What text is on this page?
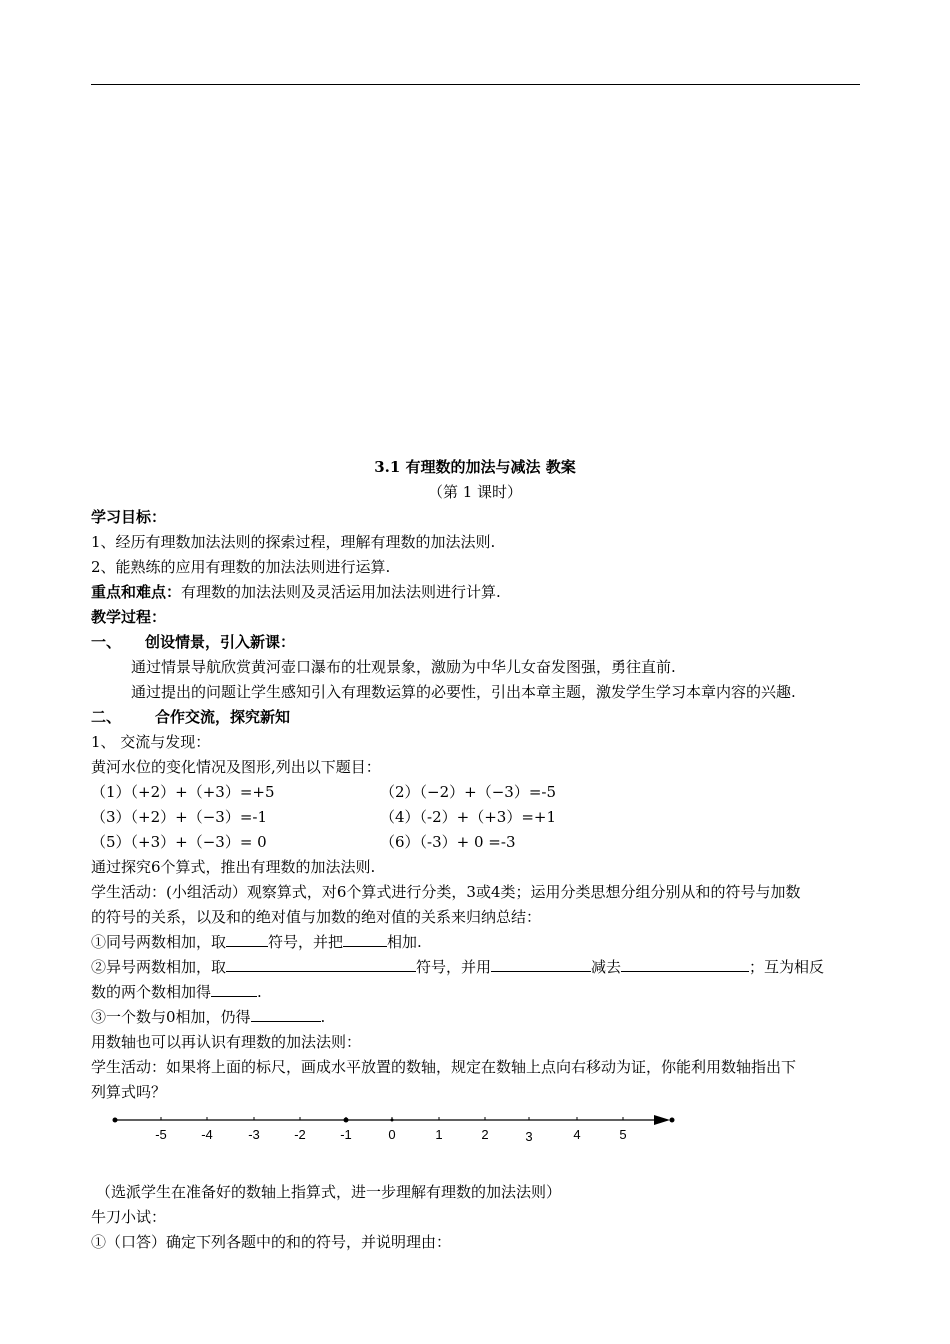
3.1 有理数的加法与减法 教案
（第 1 课时）
学习目标：
1、经历有理数加法法则的探索过程，理解有理数的加法法则.
2、能熟练的应用有理数的加法法则进行运算.
重点和难点：有理数的加法法则及灵活运用加法法则进行计算.
教学过程：
一、 创设情景，引入新课：
通过情景导航欣赏黄河壶口瀑布的壮观景象，激励为中华儿女奋发图强，勇往直前.
通过提出的问题让学生感知引入有理数运算的必要性，引出本章主题，激发学生学习本章内容的兴趣.
二、 合作交流，探究新知
1、 交流与发现：
黄河水位的变化情况及图形,列出以下题目：
（1）（+2）+（+3）=+5	（2）（−2）+（−3）=-5
（3）（+2）+（−3）=-1	（4）（-2）+（+3）=+1
（5）（+3）+（−3）= 0	（6）（-3）+ 0 =-3
通过探究6个算式，推出有理数的加法法则.
学生活动：(小组活动）观察算式，对6个算式进行分类，3或4类；运用分类思想分组分别从和的符号与加数
的符号的关系，以及和的绝对值与加数的绝对值的关系来归纳总结：
①同号两数相加，取	符号，并把	相加.
②异号两数相加，取	符号，并用	减去	；互为相反
数的两个数相加得	.
③一个数与0相加，仍得	.
用数轴也可以再认识有理数的加法法则：
学生活动：如果将上面的标尺，画成水平放置的数轴，规定在数轴上点向右移动为证，你能利用数轴指出下
列算式吗？
-5	-4	-3	-2	-1	0	1	2	3	4	5
（选派学生在准备好的数轴上指算式，进一步理解有理数的加法法则）
牛刀小试：
①（口答）确定下列各题中的和的符号，并说明理由：
